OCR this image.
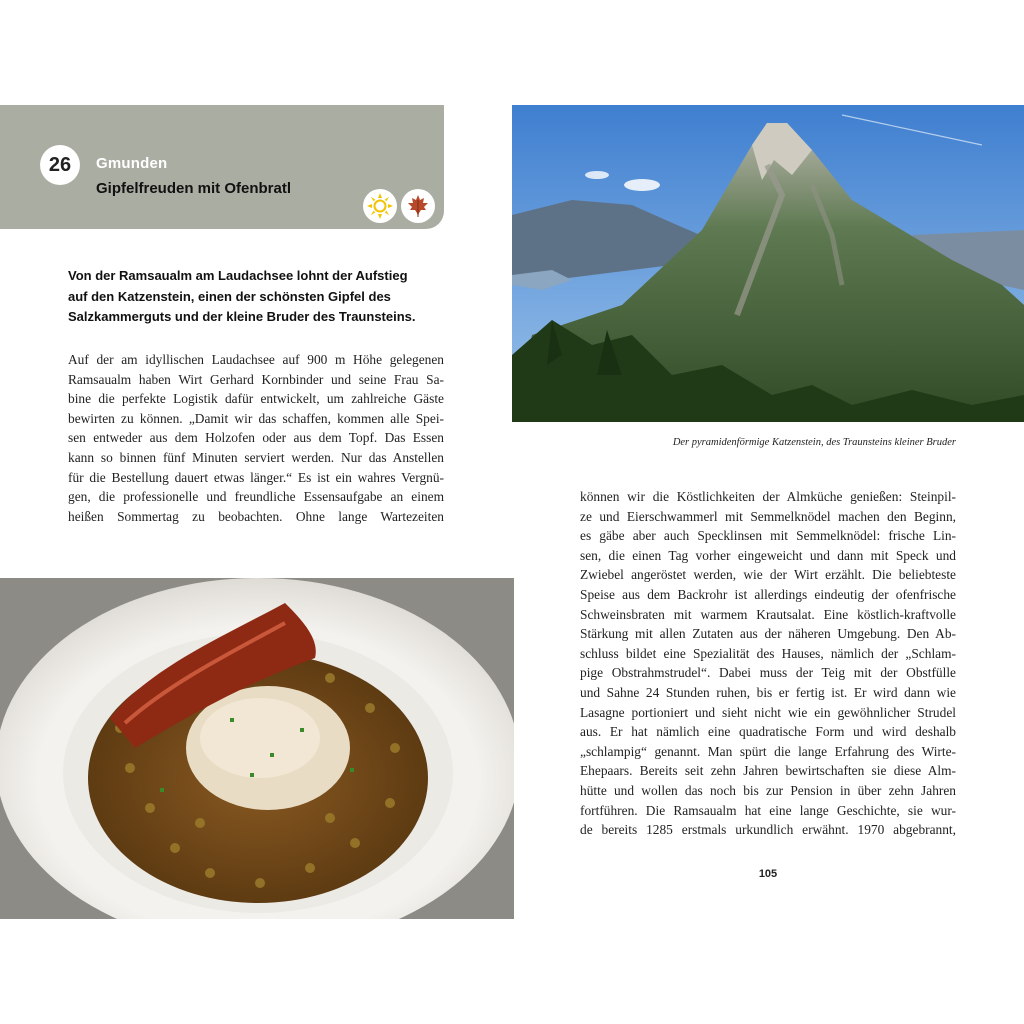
26	Gmunden
Gipfelfreuden mit Ofenbratl
Der pyramidenförmige Katzenstein, des Traunsteins kleiner Bruder
Von der Ramsaualm am Laudachsee lohnt der Aufstieg
auf den Katzenstein, einen der schönsten Gipfel des
Salzkammerguts und der kleine Bruder des Traunsteins.
Auf der am idyllischen Laudachsee auf 900 m Höhe gelegenen
Ramsaualm haben Wirt Gerhard Kornbinder und seine Frau Sa-
bine die perfekte Logistik dafür entwickelt, um zahlreiche Gäste
bewirten zu können. „Damit wir das schaffen, kommen alle Spei-
sen entweder aus dem Holzofen oder aus dem Topf. Das Essen
kann so binnen fünf Minuten serviert werden. Nur das Anstellen
für die Bestellung dauert etwas länger.“ Es ist ein wahres Vergnü-
gen, die professionelle und freundliche Essensaufgabe an einem
heißen Sommertag zu beobachten. Ohne lange Wartezeiten
können wir die Köstlichkeiten der Almküche genießen: Steinpil-
ze und Eierschwammerl mit Semmelknödel machen den Beginn,
es gäbe aber auch Specklinsen mit Semmelknödel: frische Lin-
sen, die einen Tag vorher eingeweicht und dann mit Speck und
Zwiebel angeröstet werden, wie der Wirt erzählt. Die beliebteste
Speise aus dem Backrohr ist allerdings eindeutig der ofenfrische
Schweinsbraten mit warmem Krautsalat. Eine köstlich-kraftvolle
Stärkung mit allen Zutaten aus der näheren Umgebung. Den Ab-
schluss bildet eine Spezialität des Hauses, nämlich der „Schlam-
pige Obstrahmstrudel“. Dabei muss der Teig mit der Obstfülle
und Sahne 24 Stunden ruhen, bis er fertig ist. Er wird dann wie
Lasagne portioniert und sieht nicht wie ein gewöhnlicher Strudel
aus. Er hat nämlich eine quadratische Form und wird deshalb
„schlampig“ genannt. Man spürt die lange Erfahrung des Wirte-
Ehepaars. Bereits seit zehn Jahren bewirtschaften sie diese Alm-
hütte und wollen das noch bis zur Pension in über zehn Jahren
fortführen. Die Ramsaualm hat eine lange Geschichte, sie wur-
de bereits 1285 erstmals urkundlich erwähnt. 1970 abgebrannt,
105
